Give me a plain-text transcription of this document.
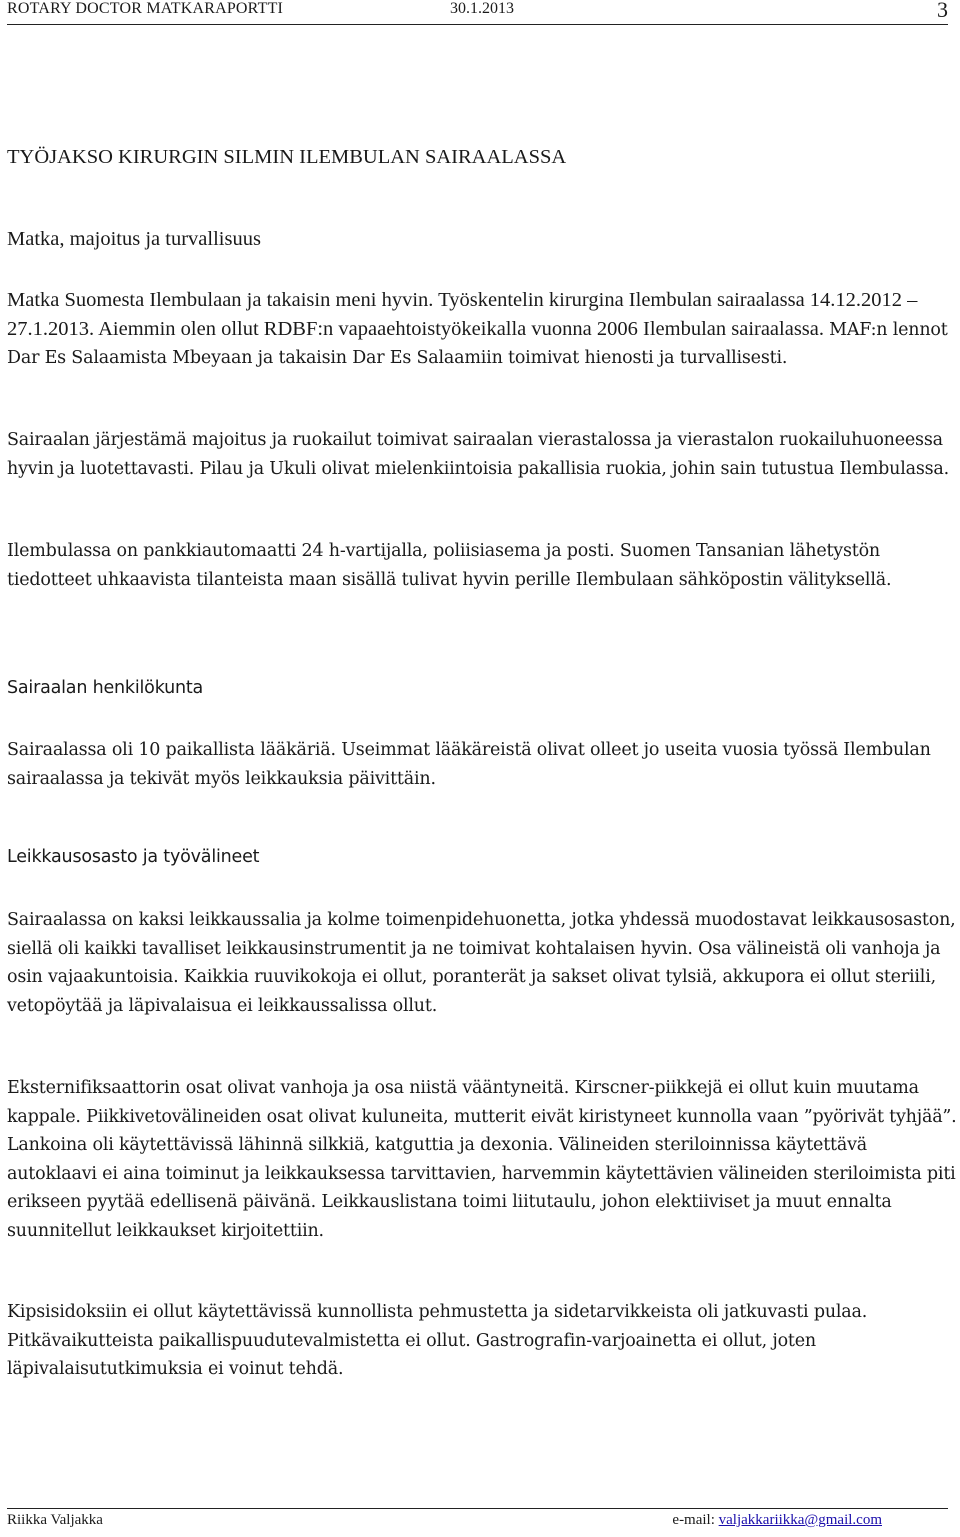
ROTARY DOCTOR MATKARAPORTTI	30.1.2013	3
TYÖJAKSO KIRURGIN SILMIN ILEMBULAN SAIRAALASSA
Matka, majoitus ja turvallisuus
Matka Suomesta Ilembulaan ja takaisin meni hyvin. Työskentelin kirurgina Ilembulan sairaalassa 14.12.2012 – 27.1.2013. Aiemmin olen ollut RDBF:n vapaaehtoistyökeikalla vuonna 2006 Ilembulan sairaalassa. MAF:n lennot Dar Es Salaamista Mbeyaan ja takaisin Dar Es Salaamiin toimivat hienosti ja turvallisesti.
Sairaalan järjestämä majoitus ja ruokailut toimivat sairaalan vierastalossa ja vierastalon ruokailuhuoneessa hyvin ja luotettavasti. Pilau ja Ukuli olivat mielenkiintoisia pakallisia ruokia, johin sain tutustua Ilembulassa.
Ilembulassa on pankkiautomaatti 24 h-vartijalla, poliisiasema ja posti. Suomen Tansanian lähetystön tiedotteet uhkaavista tilanteista maan sisällä tulivat hyvin perille Ilembulaan sähköpostin välityksellä.
Sairaalan henkilökunta
Sairaalassa oli 10 paikallista lääkäriä. Useimmat lääkäreistä olivat olleet jo useita vuosia työssä Ilembulan sairaalassa ja tekivät myös leikkauksia päivittäin.
Leikkausosasto ja työvälineet
Sairaalassa on kaksi leikkaussalia ja kolme toimenpidehuonetta, jotka yhdessä muodostavat leikkausosaston, siellä oli kaikki tavalliset leikkausinstrumentit ja ne toimivat kohtalaisen hyvin. Osa välineistä oli vanhoja ja osin vajaakuntoisia. Kaikkia ruuvikokoja ei ollut, poranterät ja sakset olivat tylsiä, akkupora ei ollut steriili, vetopöytää ja läpivalaisua ei leikkaussalissa ollut.
Eksternifiksaattorin osat olivat vanhoja ja osa niistä vääntyneitä. Kirscner-piikkejä ei ollut kuin muutama kappale. Piikkivetovälineiden osat olivat kuluneita, mutterit eivät kiristyneet kunnolla vaan ”pyörivät tyhjää”. Lankoina oli käytettävissä lähinnä silkkiä, katguttia ja dexonia. Välineiden steriloinnissa käytettävä autoklaavi ei aina toiminut ja leikkauksessa tarvittavien, harvemmin käytettävien välineiden steriloimista piti erikseen pyytää edellisenä päivänä. Leikkauslistana toimi liitutaulu, johon elektiiviset ja muut ennalta suunnitellut leikkaukset kirjoitettiin.
Kipsisidoksiin ei ollut käytettävissä kunnollista pehmustetta ja sidetarvikkeista oli jatkuvasti pulaa. Pitkävaikutteista paikallispuudutevalmistetta ei ollut. Gastrografin-varjoainetta ei ollut, joten läpivalaisututkimuksia ei voinut tehdä.
Riikka Valjakka	e-mail: valjakkariikka@gmail.com
